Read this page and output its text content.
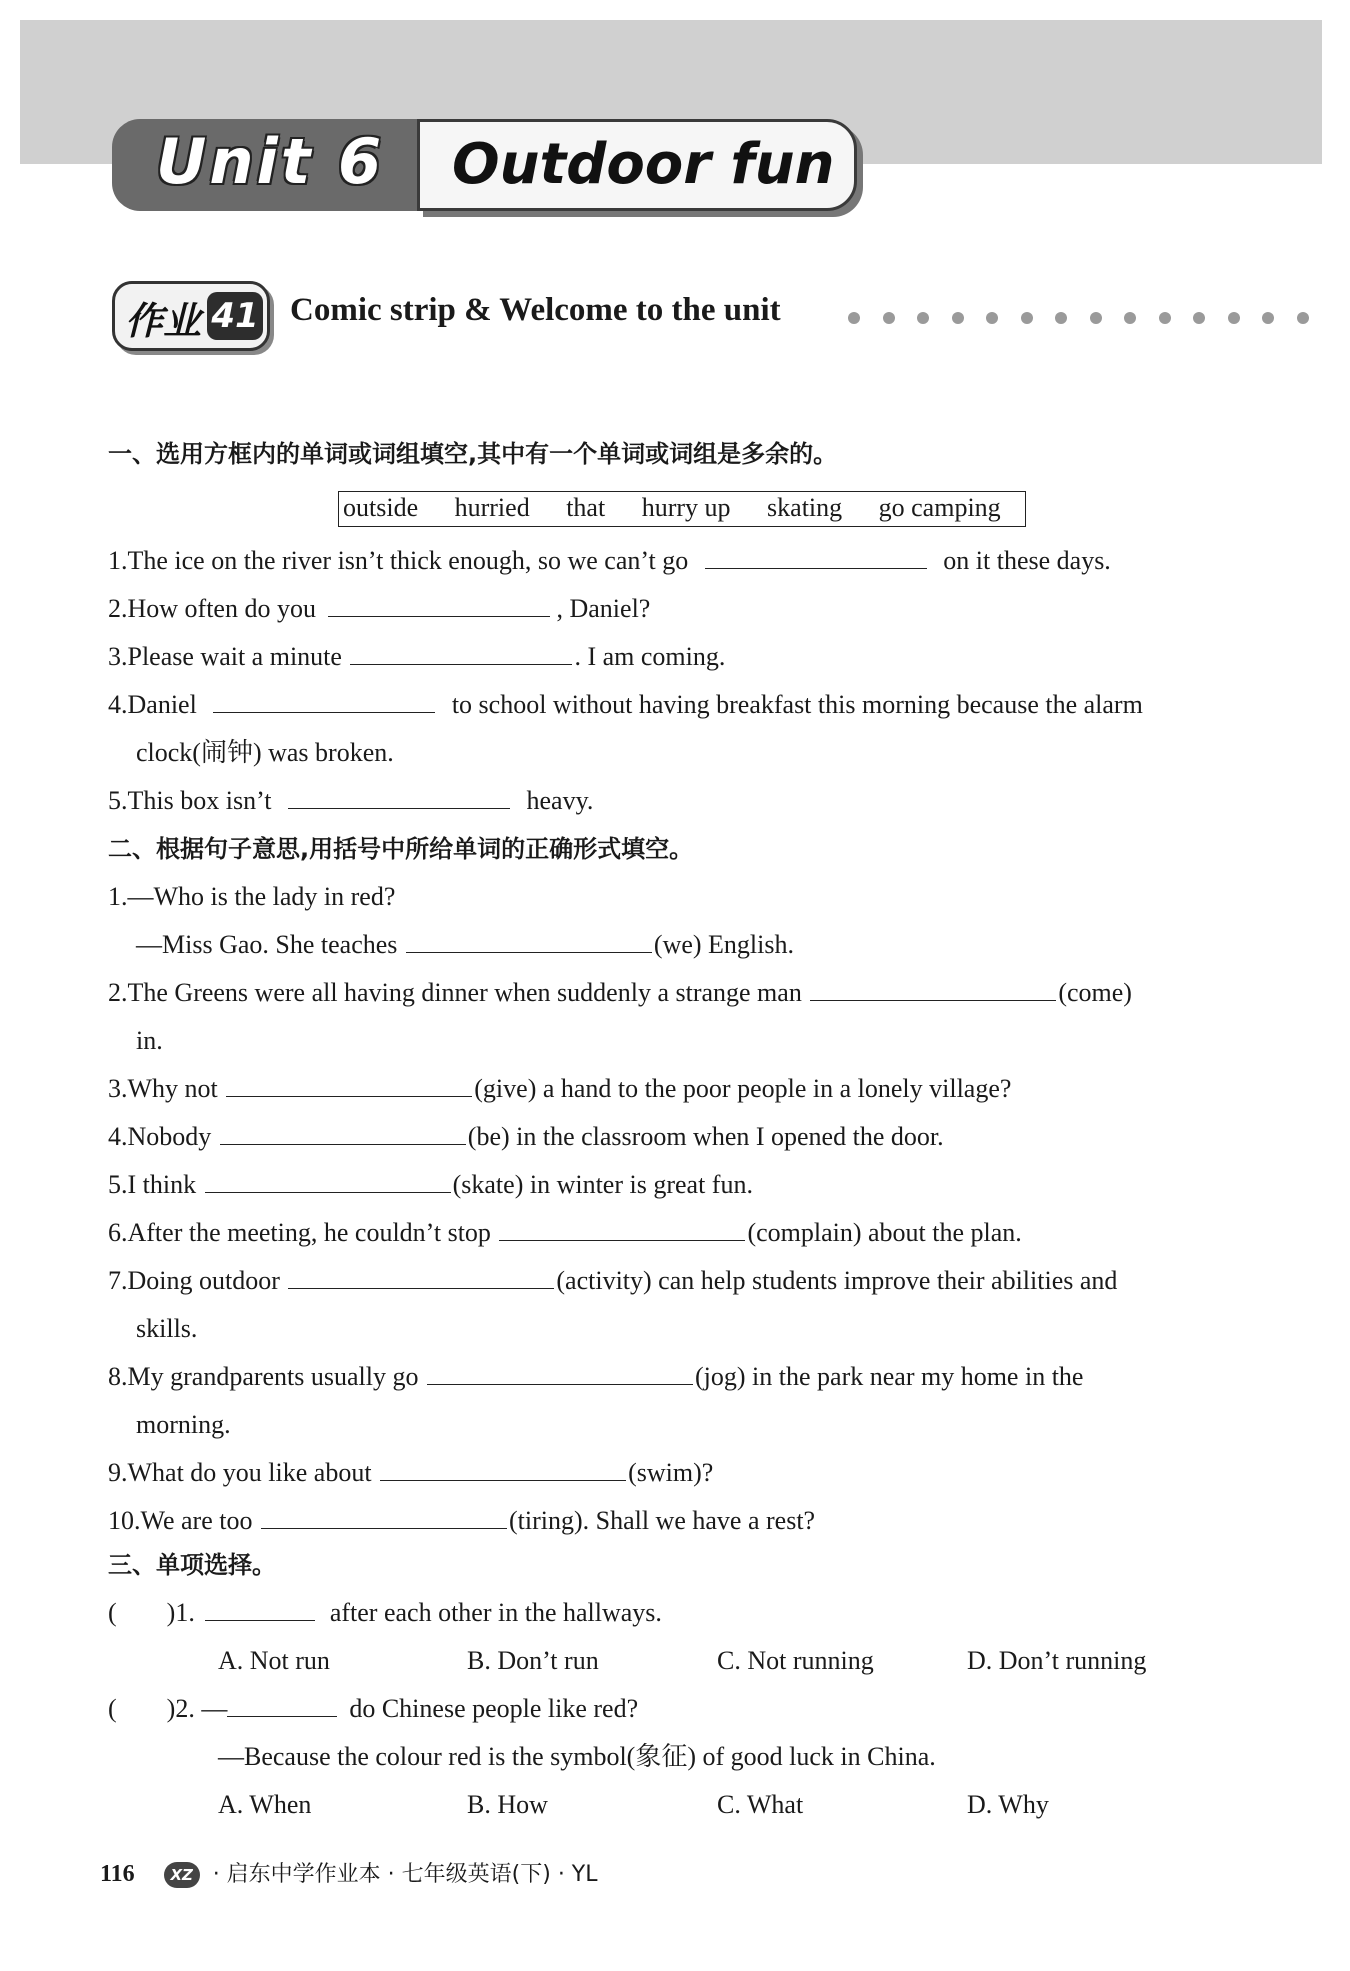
Unit 6 Outdoor fun
作业 41 Comic strip & Welcome to the unit
一、选用方框内的单词或词组填空,其中有一个单词或词组是多余的。
outside hurried that hurry up skating go camping
1.The ice on the river isn’t thick enough, so we can’t go	on it these days.
2.How often do you	, Daniel?
3.Please wait a minute	. I am coming.
4.Daniel	to school without having breakfast this morning because the alarm
clock(闹钟) was broken.
5.This box isn’t	heavy.
二、根据句子意思,用括号中所给单词的正确形式填空。
1.—Who is the lady in red?
—Miss Gao. She teaches	(we) English.
2.The Greens were all having dinner when suddenly a strange man	(come)
in.
3.Why not	(give) a hand to the poor people in a lonely village?
4.Nobody	(be) in the classroom when I opened the door.
5.I think	(skate) in winter is great fun.
6.After the meeting, he couldn’t stop	(complain) about the plan.
7.Doing outdoor	(activity) can help students improve their abilities and
skills.
8.My grandparents usually go	(jog) in the park near my home in the
morning.
9.What do you like about	(swim)?
10.We are too	(tiring). Shall we have a rest?
三、单项选择。
( )1.	after each other in the hallways.
A. Not run	B. Don’t run	C. Not running	D. Don’t running
( )2. —	do Chinese people like red?
—Because the colour red is the symbol(象征) of good luck in China.
A. When	B. How	C. What	D. Why
116 XZ · 启东中学作业本 · 七年级英语(下) · YL
